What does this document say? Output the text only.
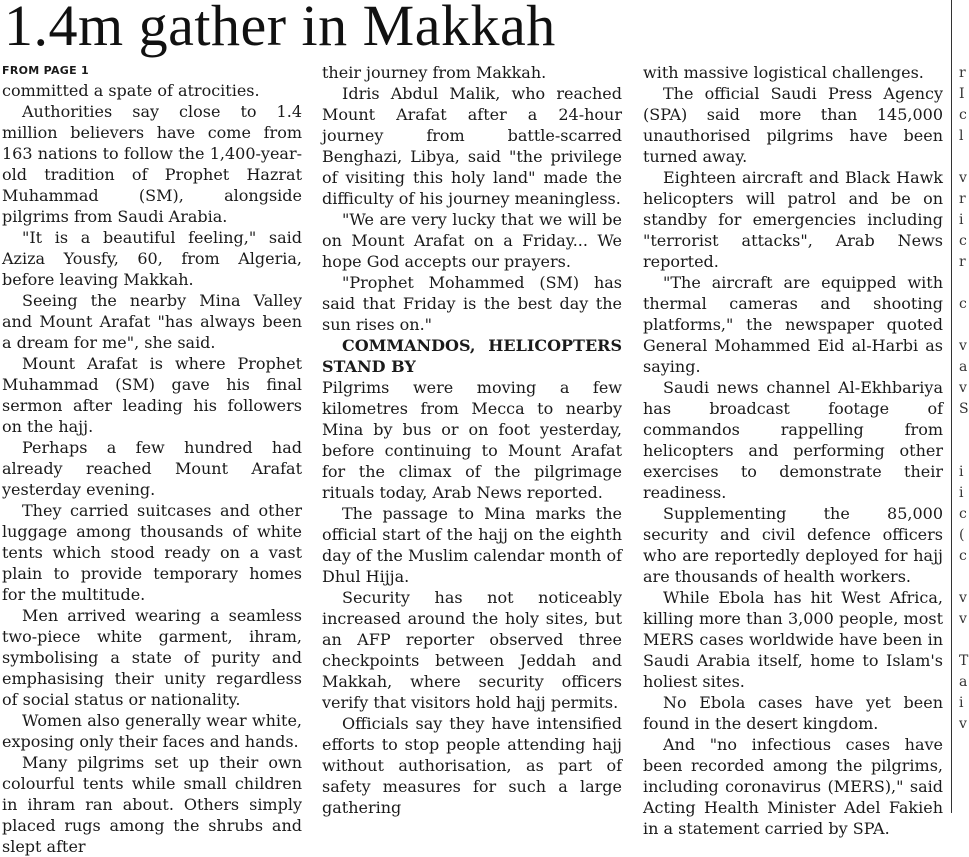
1.4m gather in Makkah
FROM PAGE 1

committed a spate of atrocities.

Authorities say close to 1.4 million believers have come from 163 nations to follow the 1,400-year-old tradition of Prophet Hazrat Muhammad (SM), alongside pilgrims from Saudi Arabia.

"It is a beautiful feeling," said Aziza Yousfy, 60, from Algeria, before leaving Makkah.

Seeing the nearby Mina Valley and Mount Arafat "has always been a dream for me", she said.

Mount Arafat is where Prophet Muhammad (SM) gave his final sermon after leading his followers on the hajj.

Perhaps a few hundred had already reached Mount Arafat yesterday evening.

They carried suitcases and other luggage among thousands of white tents which stood ready on a vast plain to provide temporary homes for the multitude.

Men arrived wearing a seamless two-piece white garment, ihram, symbolising a state of purity and emphasising their unity regardless of social status or nationality.

Women also generally wear white, exposing only their faces and hands.

Many pilgrims set up their own colourful tents while small children in ihram ran about. Others simply placed rugs among the shrubs and slept after

their journey from Makkah.

Idris Abdul Malik, who reached Mount Arafat after a 24-hour journey from battle-scarred Benghazi, Libya, said "the privilege of visiting this holy land" made the difficulty of his journey meaningless.

"We are very lucky that we will be on Mount Arafat on a Friday... We hope God accepts our prayers.

"Prophet Mohammed (SM) has said that Friday is the best day the sun rises on."

COMMANDOS, HELICOPTERS STAND BY

Pilgrims were moving a few kilometres from Mecca to nearby Mina by bus or on foot yesterday, before continuing to Mount Arafat for the climax of the pilgrimage rituals today, Arab News reported.

The passage to Mina marks the official start of the hajj on the eighth day of the Muslim calendar month of Dhul Hijja.

Security has not noticeably increased around the holy sites, but an AFP reporter observed three checkpoints between Jeddah and Makkah, where security officers verify that visitors hold hajj permits.

Officials say they have intensified efforts to stop people attending hajj without authorisation, as part of safety measures for such a large gathering

with massive logistical challenges.

The official Saudi Press Agency (SPA) said more than 145,000 unauthorised pilgrims have been turned away.

Eighteen aircraft and Black Hawk helicopters will patrol and be on standby for emergencies including "terrorist attacks", Arab News reported.

"The aircraft are equipped with thermal cameras and shooting platforms," the newspaper quoted General Mohammed Eid al-Harbi as saying.

Saudi news channel Al-Ekhbariya has broadcast footage of commandos rappelling from helicopters and performing other exercises to demonstrate their readiness.

Supplementing the 85,000 security and civil defence officers who are reportedly deployed for hajj are thousands of health workers.

While Ebola has hit West Africa, killing more than 3,000 people, most MERS cases worldwide have been in Saudi Arabia itself, home to Islam's holiest sites.

No Ebola cases have yet been found in the desert kingdom.

And "no infectious cases have been recorded among the pilgrims, including coronavirus (MERS)," said Acting Health Minister Adel Fakieh in a statement carried by SPA.

r
I
c
l
v
r
i
c
r
c
v
a
v
S
i
i
c
(
c
v
v
T
a
i
v
